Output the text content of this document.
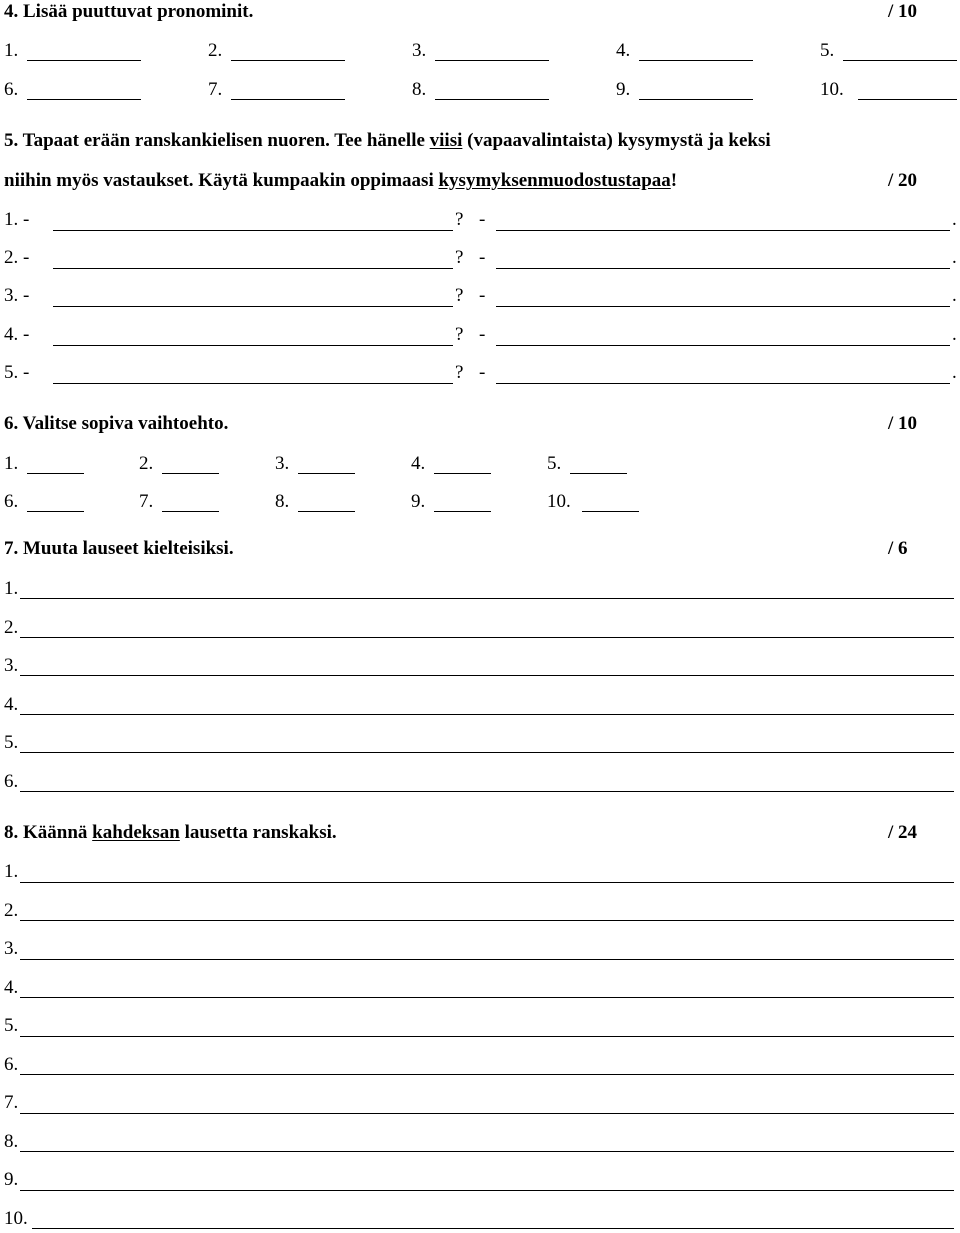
4. Lisää puuttuvat pronominit.	/ 10
1.	2.	3.	4.	5.
6.	7.	8.	9.	10.
5. Tapaat erään ranskankielisen nuoren. Tee hänelle viisi (vapaavalintaista) kysymystä ja keksi
niihin myös vastaukset. Käytä kumpaakin oppimaasi kysymyksenmuodostustapaa!	/ 20
1. -	? -	.
2. -	? -	.
3. -	? -	.
4. -	? -	.
5. -	? -	.
6. Valitse sopiva vaihtoehto.	/ 10
1.	2.	3.	4.	5.
6.	7.	8.	9.	10.
7. Muuta lauseet kielteisiksi.	/ 6
1.
2.
3.
4.
5.
6.
8. Käännä kahdeksan lausetta ranskaksi.	/ 24
1.
2.
3.
4.
5.
6.
7.
8.
9.
10.
